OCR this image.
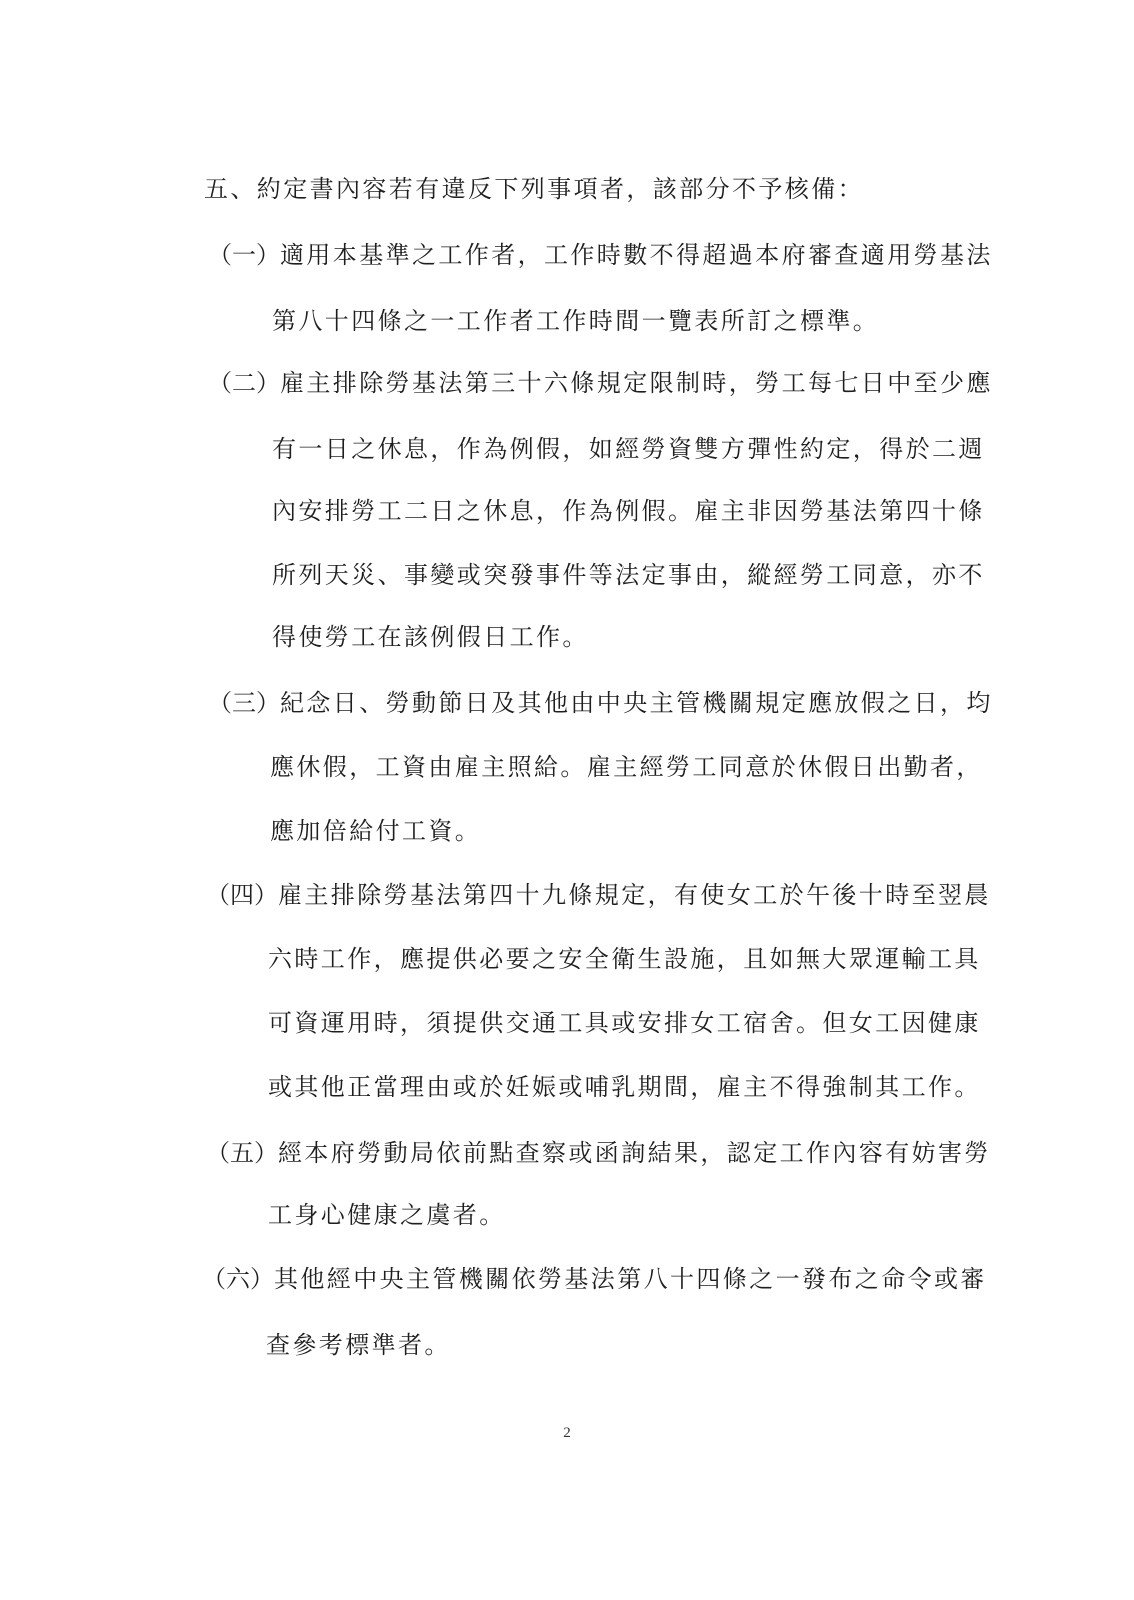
五、約定書內容若有違反下列事項者，該部分不予核備：
（一）適用本基準之工作者，工作時數不得超過本府審查適用勞基法
第八十四條之一工作者工作時間一覽表所訂之標準。
（二）雇主排除勞基法第三十六條規定限制時，勞工每七日中至少應
有一日之休息，作為例假，如經勞資雙方彈性約定，得於二週
內安排勞工二日之休息，作為例假。雇主非因勞基法第四十條
所列天災、事變或突發事件等法定事由，縱經勞工同意，亦不
得使勞工在該例假日工作。
（三）紀念日、勞動節日及其他由中央主管機關規定應放假之日，均
應休假，工資由雇主照給。雇主經勞工同意於休假日出勤者，
應加倍給付工資。
（四）雇主排除勞基法第四十九條規定，有使女工於午後十時至翌晨
六時工作，應提供必要之安全衛生設施，且如無大眾運輸工具
可資運用時，須提供交通工具或安排女工宿舍。但女工因健康
或其他正當理由或於妊娠或哺乳期間，雇主不得強制其工作。
（五）經本府勞動局依前點查察或函詢結果，認定工作內容有妨害勞
工身心健康之虞者。
（六）其他經中央主管機關依勞基法第八十四條之一發布之命令或審
查參考標準者。
2
